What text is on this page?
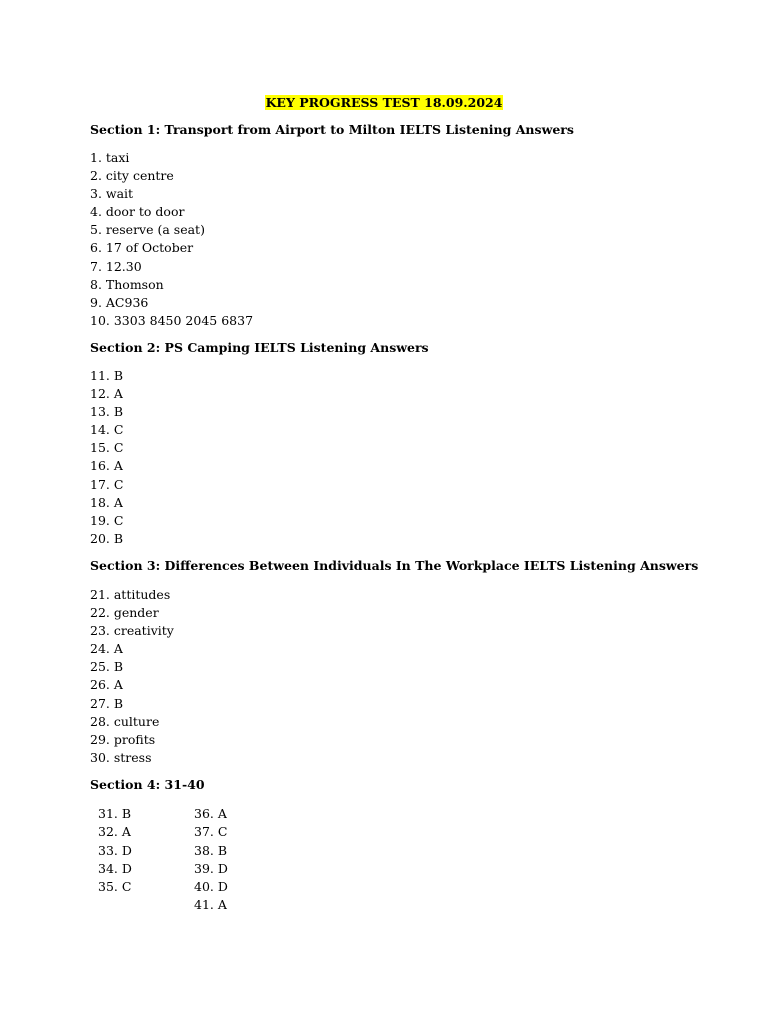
KEY PROGRESS TEST 18.09.2024
Section 1: Transport from Airport to Milton IELTS Listening Answers
1. taxi
2. city centre
3. wait
4. door to door
5. reserve (a seat)
6. 17 of October
7. 12.30
8. Thomson
9. AC936
10. 3303 8450 2045 6837
Section 2: PS Camping IELTS Listening Answers
11. B
12. A
13. B
14. C
15. C
16. A
17. C
18. A
19. C
20. B
Section 3: Differences Between Individuals In The Workplace IELTS Listening Answers
21. attitudes
22. gender
23. creativity
24. A
25. B
26. A
27. B
28. culture
29. profits
30. stress
Section 4: 31-40
31. B
32. A
33. D
34. D
35. C
36. A
37. C
38. B
39. D
40. D
41. A
